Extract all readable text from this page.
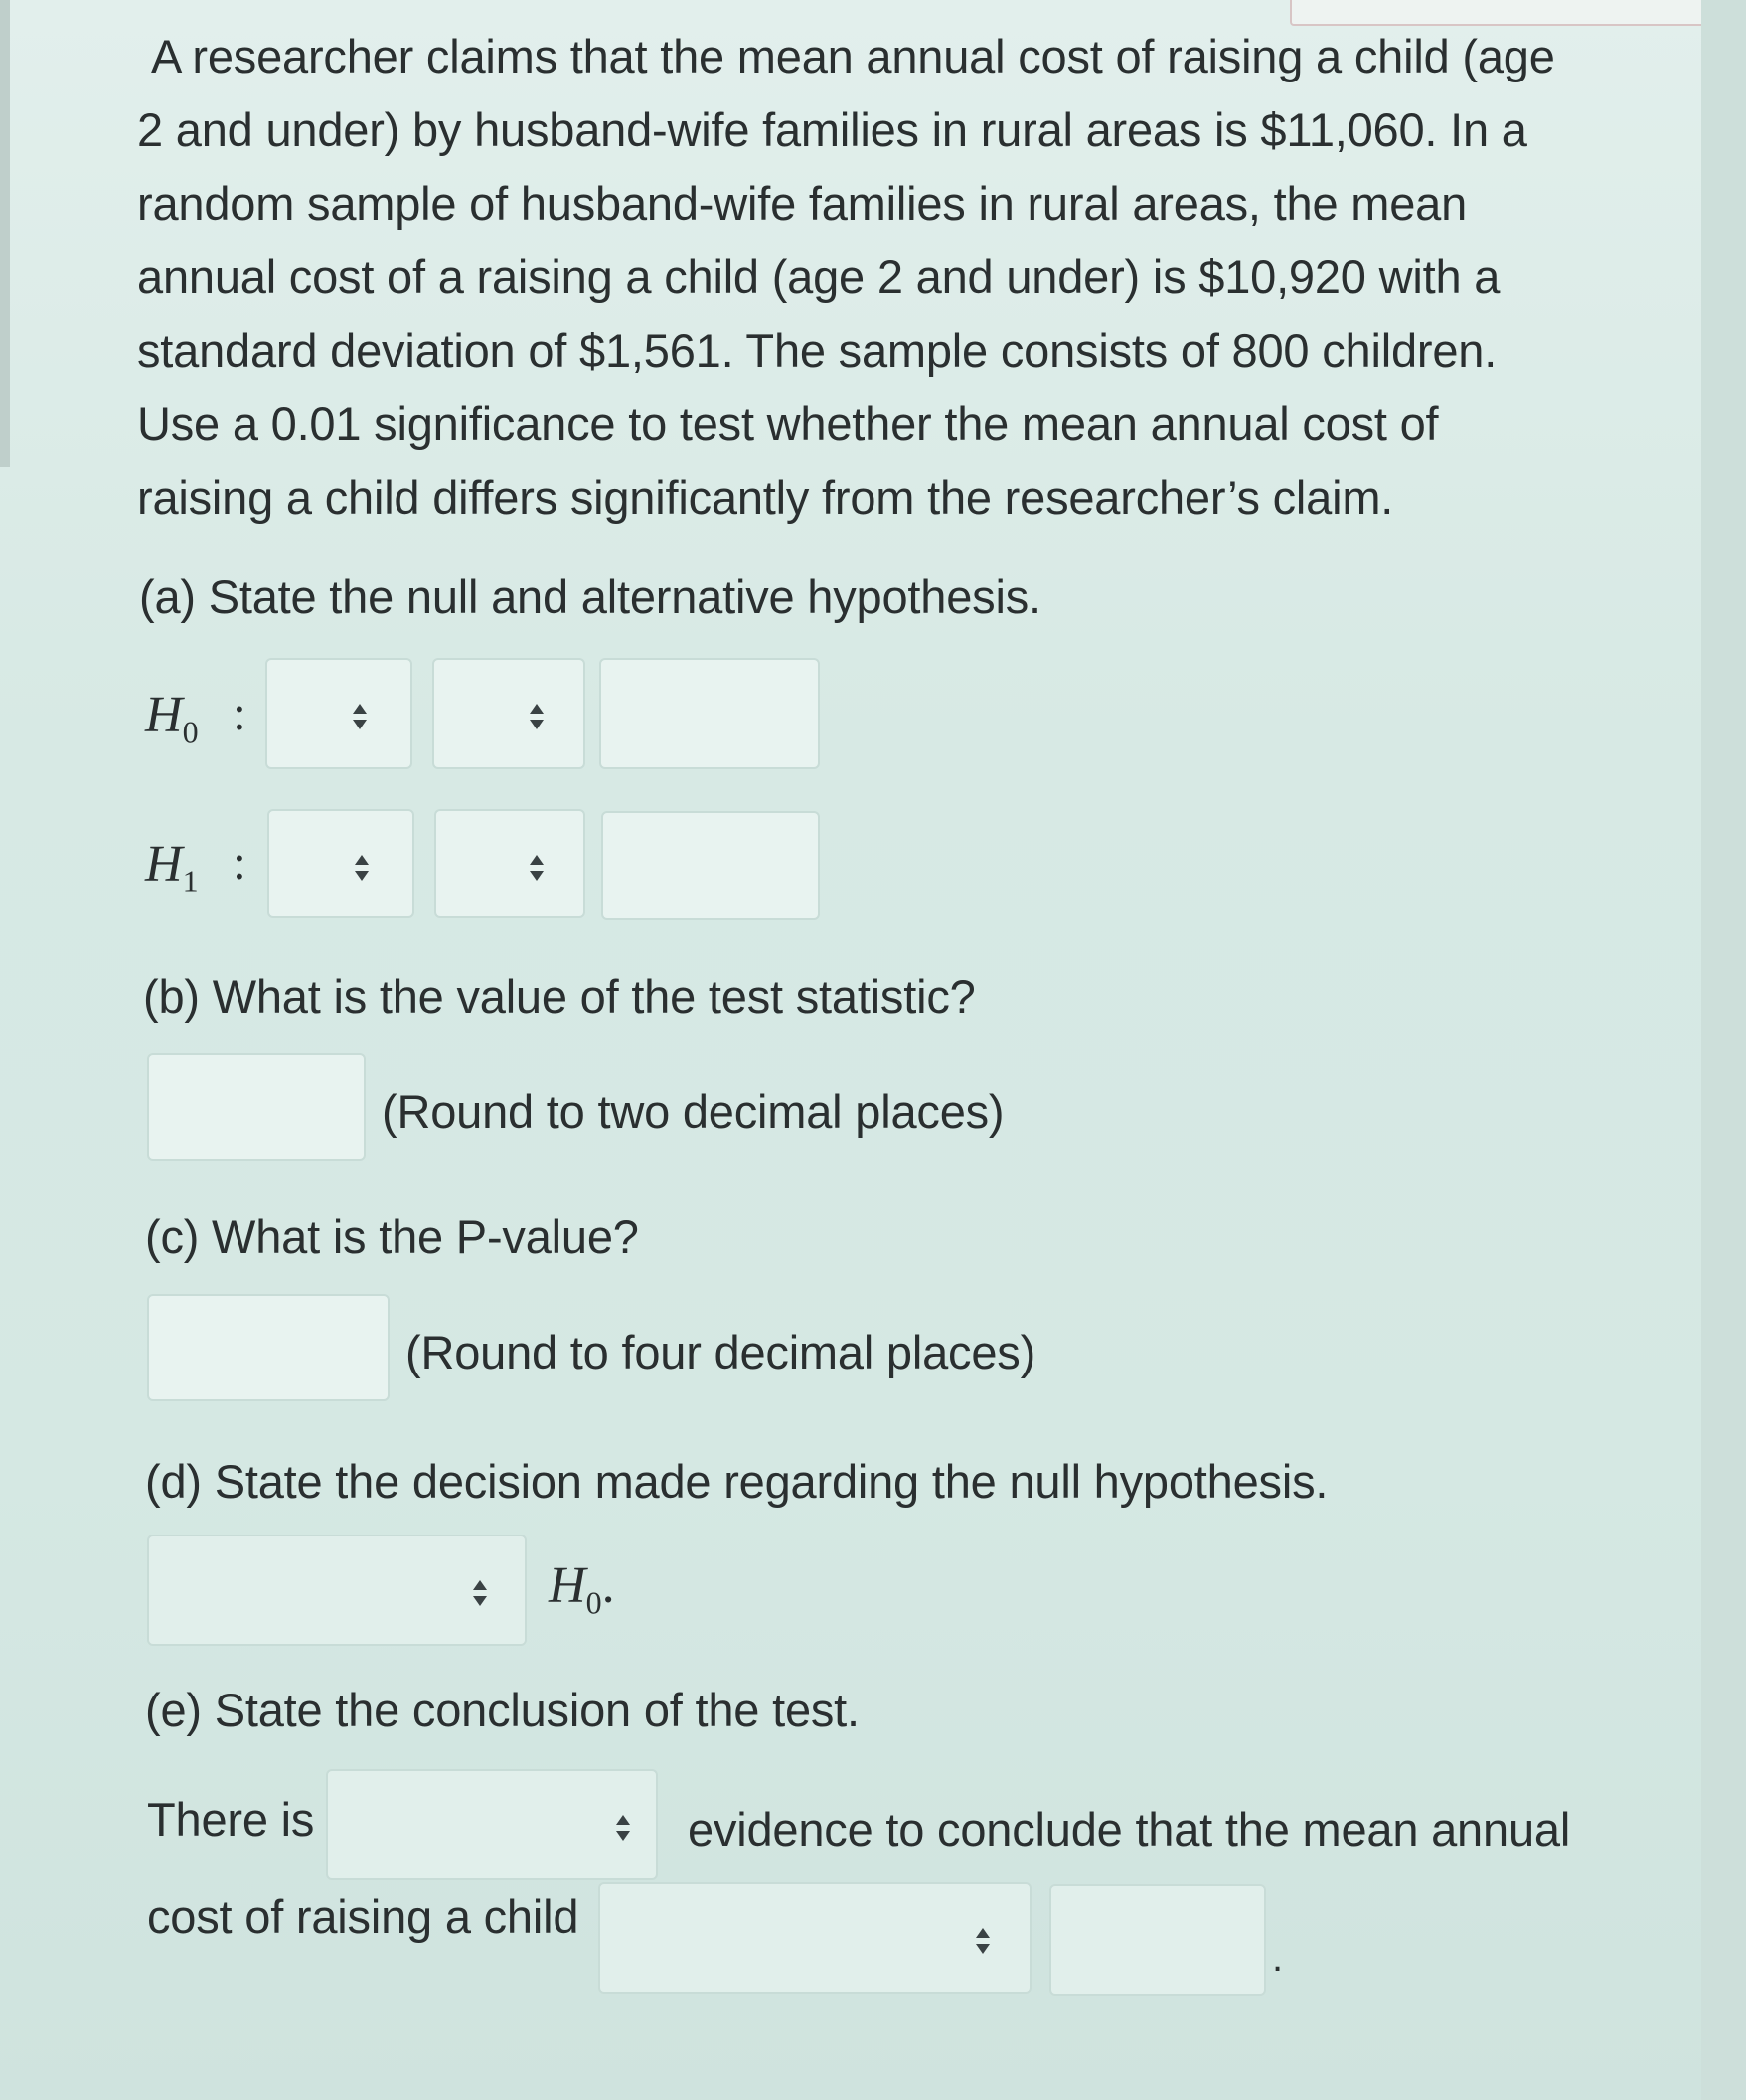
A researcher claims that the mean annual cost of raising a child (age
2 and under) by husband-wife families in rural areas is $11,060. In a
random sample of husband-wife families in rural areas, the mean
annual cost of a raising a child (age 2 and under) is $10,920 with a
standard deviation of $1,561. The sample consists of 800 children.
Use a 0.01 significance to test whether the mean annual cost of
raising a child differs significantly from the researcher’s claim.
(a) State the null and alternative hypothesis.
$H_0$ :
$H_1$ :
(b) What is the value of the test statistic?
(Round to two decimal places)
(c) What is the P-value?
(Round to four decimal places)
(d) State the decision made regarding the null hypothesis.
$H_0$.
(e) State the conclusion of the test.
There is	evidence to conclude that the mean annual
cost of raising a child
.
